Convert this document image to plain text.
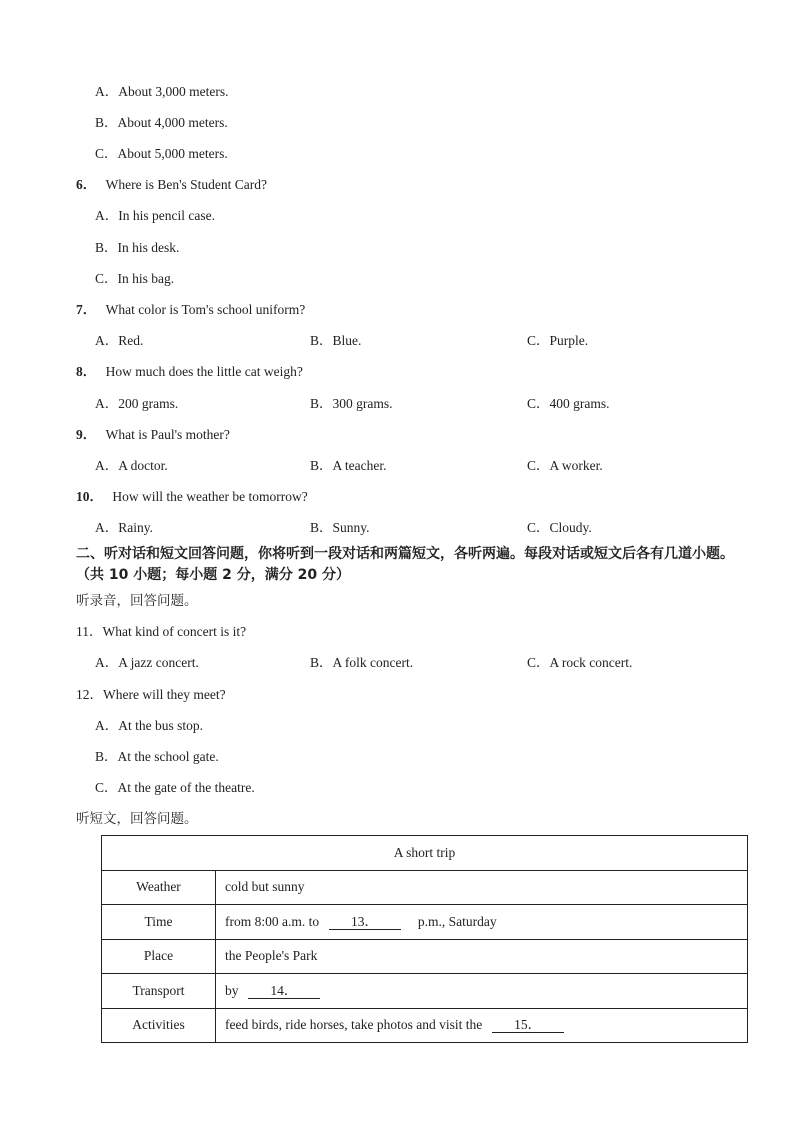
A．About 3,000 meters.
B．About 4,000 meters.
C．About 5,000 meters.
6． Where is Ben's Student Card?
A．In his pencil case.
B．In his desk.
C．In his bag.
7． What color is Tom's school uniform?
A．Red.	B．Blue.	C．Purple.
8． How much does the little cat weigh?
A．200 grams.	B．300 grams.	C．400 grams.
9． What is Paul's mother?
A．A doctor.	B．A teacher.	C．A worker.
10． How will the weather be tomorrow?
A．Rainy.	B．Sunny.	C．Cloudy.
二、听对话和短文回答问题，你将听到一段对话和两篇短文，各听两遍。每段对话或短文后各有几道小题。 （共 10 小题；每小题 2 分，满分 20 分）
听录音，回答问题。
11．What kind of concert is it?
A．A jazz concert.	B．A folk concert.	C．A rock concert.
12．Where will they meet?
A．At the bus stop.
B．At the school gate.
C．At the gate of the theatre.
听短文，回答问题。
A short trip	
Weather	cold but sunny
Time	from 8:00 a.m. to 13． p.m., Saturday
Place	the People's Park
Transport	by 14．
Activities	feed birds, ride horses, take photos and visit the 15．
